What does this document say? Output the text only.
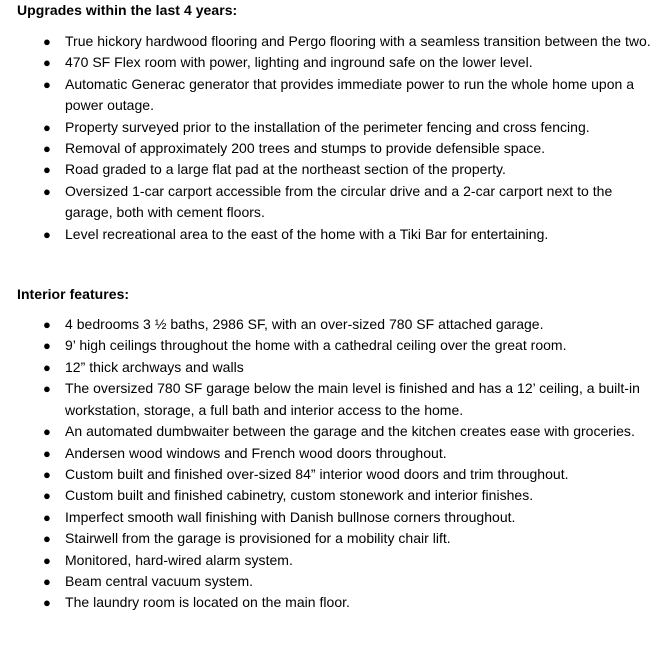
Upgrades within the last 4 years:

● True hickory hardwood flooring and Pergo flooring with a seamless transition between the two.
● 470 SF Flex room with power, lighting and inground safe on the lower level.
● Automatic Generac generator that provides immediate power to run the whole home upon a power outage.
● Property surveyed prior to the installation of the perimeter fencing and cross fencing.
● Removal of approximately 200 trees and stumps to provide defensible space.
● Road graded to a large flat pad at the northeast section of the property.
● Oversized 1-car carport accessible from the circular drive and a 2-car carport next to the garage, both with cement floors.
● Level recreational area to the east of the home with a Tiki Bar for entertaining.

Interior features:

● 4 bedrooms 3 ½ baths, 2986 SF, with an over-sized 780 SF attached garage.
● 9’ high ceilings throughout the home with a cathedral ceiling over the great room.
● 12” thick archways and walls
● The oversized 780 SF garage below the main level is finished and has a 12’ ceiling, a built-in workstation, storage, a full bath and interior access to the home.
● An automated dumbwaiter between the garage and the kitchen creates ease with groceries.
● Andersen wood windows and French wood doors throughout.
● Custom built and finished over-sized 84” interior wood doors and trim throughout.
● Custom built and finished cabinetry, custom stonework and interior finishes.
● Imperfect smooth wall finishing with Danish bullnose corners throughout.
● Stairwell from the garage is provisioned for a mobility chair lift.
● Monitored, hard-wired alarm system.
● Beam central vacuum system.
● The laundry room is located on the main floor.
